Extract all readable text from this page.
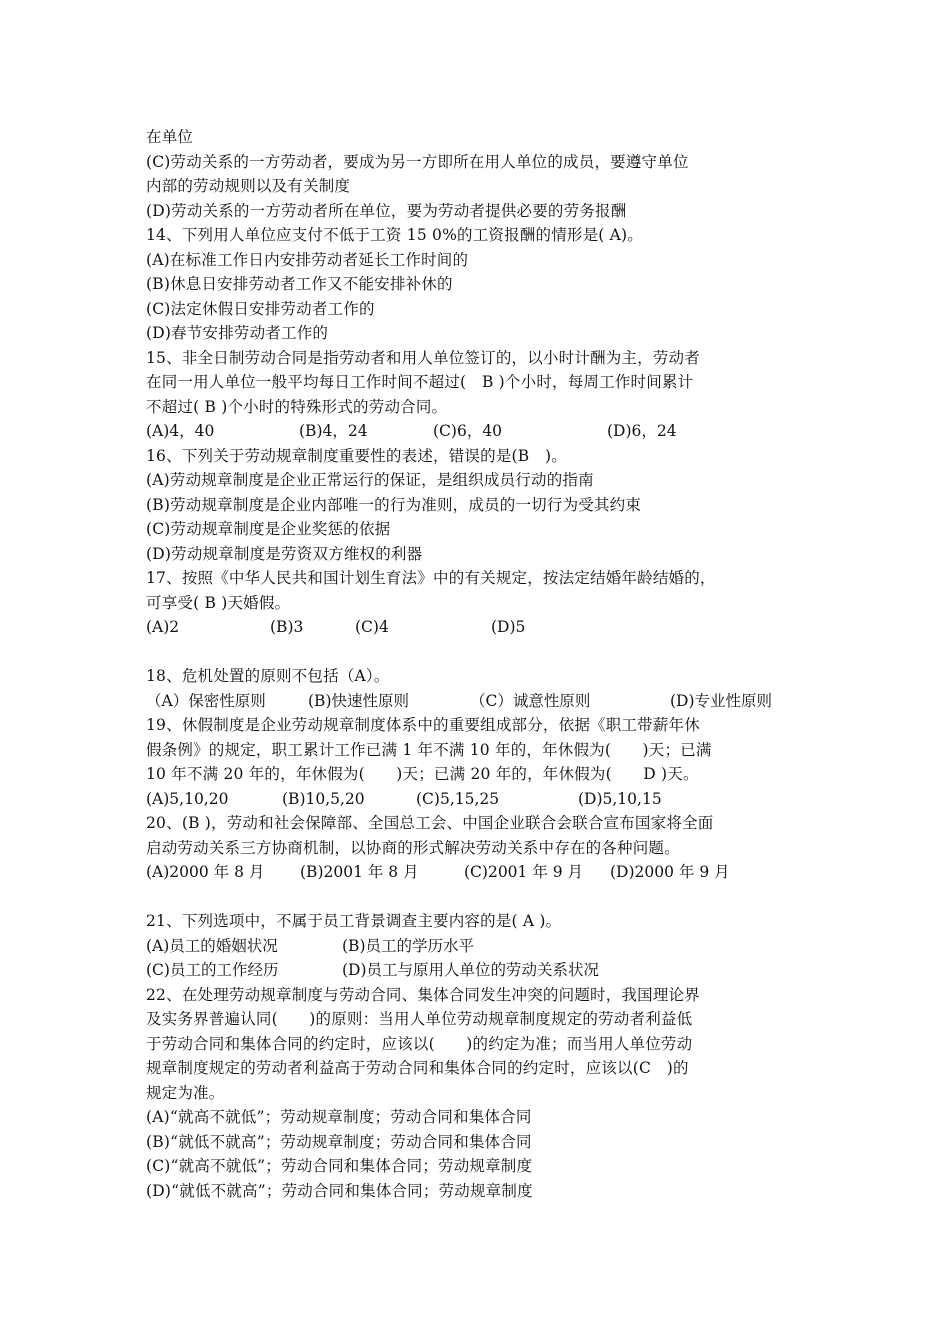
在单位
(C)劳动关系的一方劳动者，要成为另一方即所在用人单位的成员，要遵守单位
内部的劳动规则以及有关制度
(D)劳动关系的一方劳动者所在单位，要为劳动者提供必要的劳务报酬
14、下列用人单位应支付不低于工资 15 0%的工资报酬的情形是( A)。
(A)在标准工作日内安排劳动者延长工作时间的
(B)休息日安排劳动者工作又不能安排补休的
(C)法定休假日安排劳动者工作的
(D)春节安排劳动者工作的
15、非全日制劳动合同是指劳动者和用人单位签订的，以小时计酬为主，劳动者
在同一用人单位一般平均每日工作时间不超过(　B )个小时，每周工作时间累计
不超过( B )个小时的特殊形式的劳动合同。
(A)4，40	(B)4，24	(C)6，40	(D)6，24
16、下列关于劳动规章制度重要性的表述，错误的是(B　)。
(A)劳动规章制度是企业正常运行的保证，是组织成员行动的指南
(B)劳动规章制度是企业内部唯一的行为准则，成员的一切行为受其约束
(C)劳动规章制度是企业奖惩的依据
(D)劳动规章制度是劳资双方维权的利器
17、按照《中华人民共和国计划生育法》中的有关规定，按法定结婚年龄结婚的，
可享受( B )天婚假。
(A)2	(B)3	(C)4	(D)5
18、危机处置的原则不包括（A）。
（A）保密性原则	(B)快速性原则	（C）诚意性原则	(D)专业性原则
19、休假制度是企业劳动规章制度体系中的重要组成部分，依据《职工带薪年休
假条例》的规定，职工累计工作已满 1 年不满 10 年的，年休假为(　　)天；已满
10 年不满 20 年的，年休假为(　　)天；已满 20 年的，年休假为(　　D )天。
(A)5,10,20	(B)10,5,20	(C)5,15,25	(D)5,10,15
20、(B )，劳动和社会保障部、全国总工会、中国企业联合会联合宣布国家将全面
启动劳动关系三方协商机制，以协商的形式解决劳动关系中存在的各种问题。
(A)2000 年 8 月	(B)2001 年 8 月	(C)2001 年 9 月	(D)2000 年 9 月
21、下列选项中，不属于员工背景调查主要内容的是( A )。
(A)员工的婚姻状况	(B)员工的学历水平
(C)员工的工作经历	(D)员工与原用人单位的劳动关系状况
22、在处理劳动规章制度与劳动合同、集体合同发生冲突的问题时，我国理论界
及实务界普遍认同(　　)的原则：当用人单位劳动规章制度规定的劳动者利益低
于劳动合同和集体合同的约定时，应该以(　　)的约定为准；而当用人单位劳动
规章制度规定的劳动者利益高于劳动合同和集体合同的约定时，应该以(C　)的
规定为准。
(A)“就高不就低”；劳动规章制度；劳动合同和集体合同
(B)“就低不就高”；劳动规章制度；劳动合同和集体合同
(C)“就高不就低”；劳动合同和集体合同；劳动规章制度
(D)“就低不就高”；劳动合同和集体合同；劳动规章制度
